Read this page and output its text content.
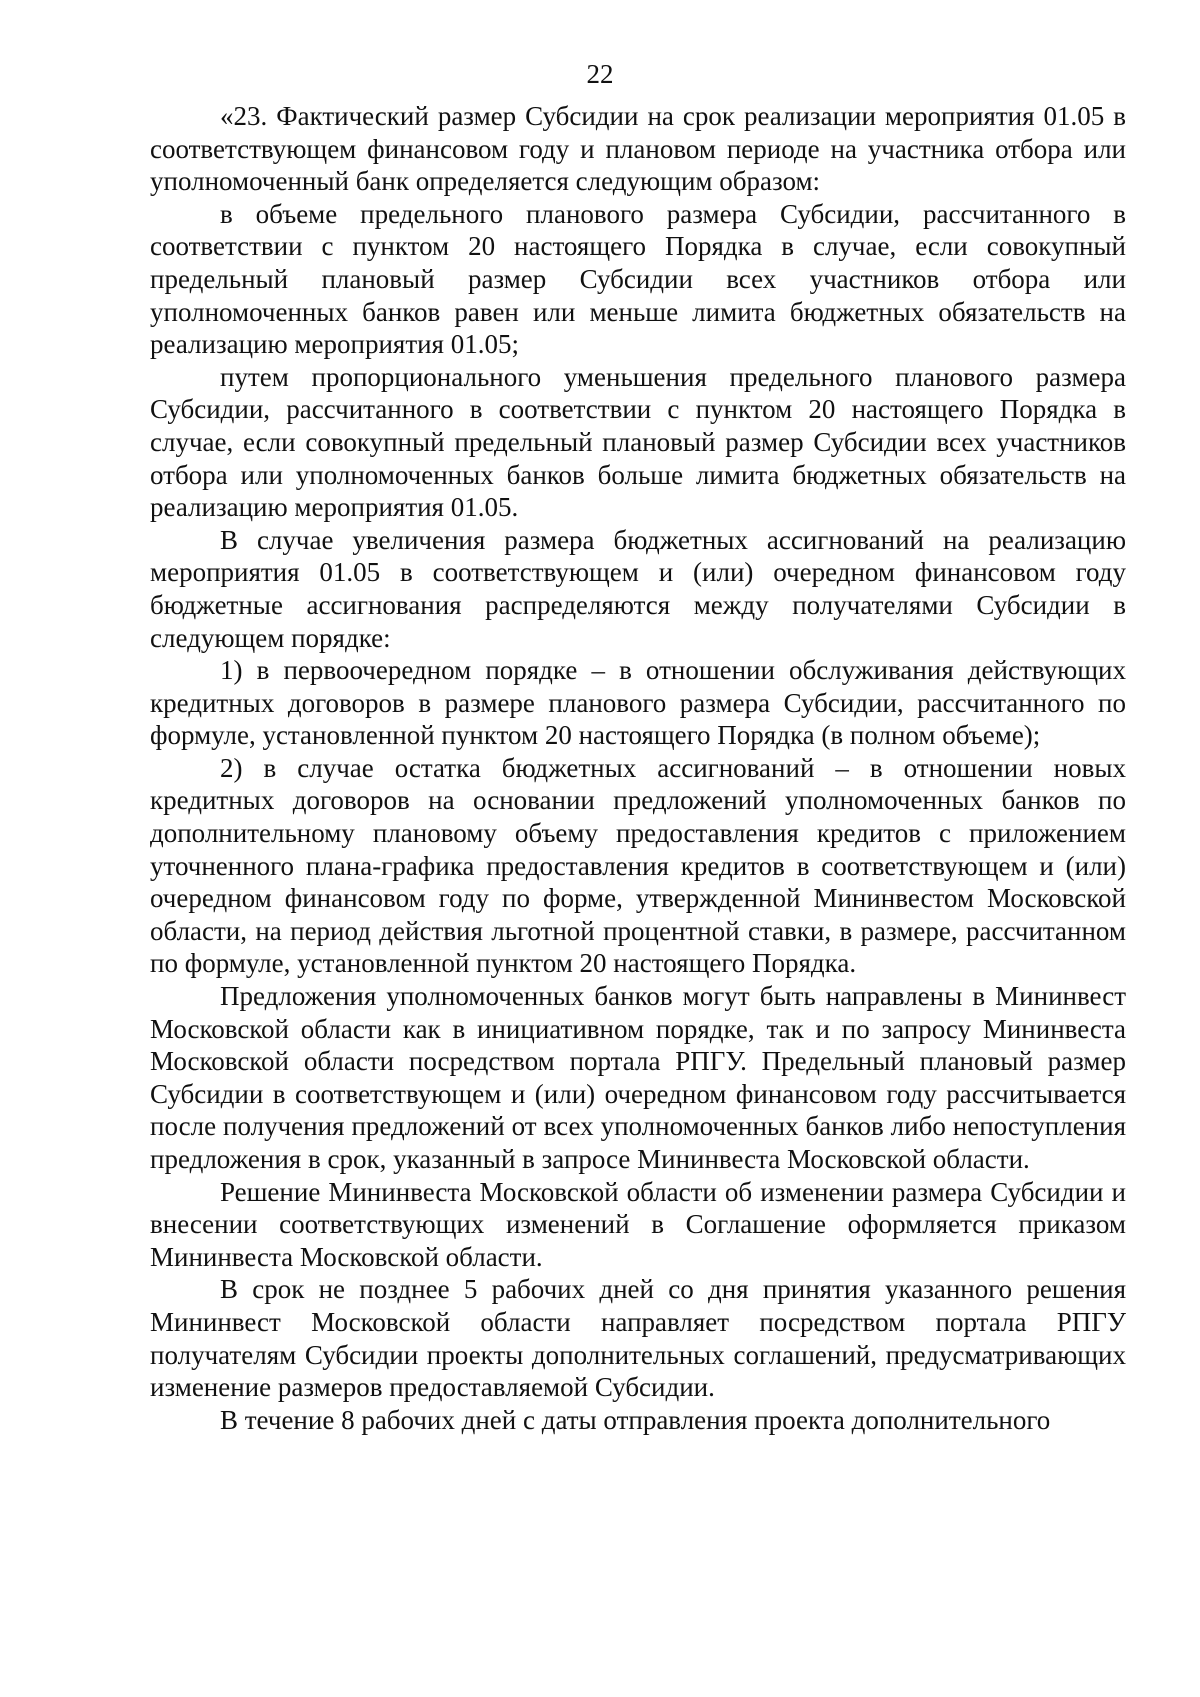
22

«23. Фактический размер Субсидии на срок реализации мероприятия 01.05 в соответствующем финансовом году и плановом периоде на участника отбора или уполномоченный банк определяется следующим образом:

в объеме предельного планового размера Субсидии, рассчитанного в соответствии с пунктом 20 настоящего Порядка в случае, если совокупный предельный плановый размер Субсидии всех участников отбора или уполномоченных банков равен или меньше лимита бюджетных обязательств на реализацию мероприятия 01.05;

путем пропорционального уменьшения предельного планового размера Субсидии, рассчитанного в соответствии с пунктом 20 настоящего Порядка в случае, если совокупный предельный плановый размер Субсидии всех участников отбора или уполномоченных банков больше лимита бюджетных обязательств на реализацию мероприятия 01.05.

В случае увеличения размера бюджетных ассигнований на реализацию мероприятия 01.05 в соответствующем и (или) очередном финансовом году бюджетные ассигнования распределяются между получателями Субсидии в следующем порядке:

1) в первоочередном порядке – в отношении обслуживания действующих кредитных договоров в размере планового размера Субсидии, рассчитанного по формуле, установленной пунктом 20 настоящего Порядка (в полном объеме);

2) в случае остатка бюджетных ассигнований – в отношении новых кредитных договоров на основании предложений уполномоченных банков по дополнительному плановому объему предоставления кредитов с приложением уточненного плана-графика предоставления кредитов в соответствующем и (или) очередном финансовом году по форме, утвержденной Мининвестом Московской области, на период действия льготной процентной ставки, в размере, рассчитанном по формуле, установленной пунктом 20 настоящего Порядка.

Предложения уполномоченных банков могут быть направлены в Мининвест Московской области как в инициативном порядке, так и по запросу Мининвеста Московской области посредством портала РПГУ. Предельный плановый размер Субсидии в соответствующем и (или) очередном финансовом году рассчитывается после получения предложений от всех уполномоченных банков либо непоступления предложения в срок, указанный в запросе Мининвеста Московской области.

Решение Мининвеста Московской области об изменении размера Субсидии и внесении соответствующих изменений в Соглашение оформляется приказом Мининвеста Московской области.

В срок не позднее 5 рабочих дней со дня принятия указанного решения Мининвест Московской области направляет посредством портала РПГУ получателям Субсидии проекты дополнительных соглашений, предусматривающих изменение размеров предоставляемой Субсидии.

В течение 8 рабочих дней с даты отправления проекта дополнительного
